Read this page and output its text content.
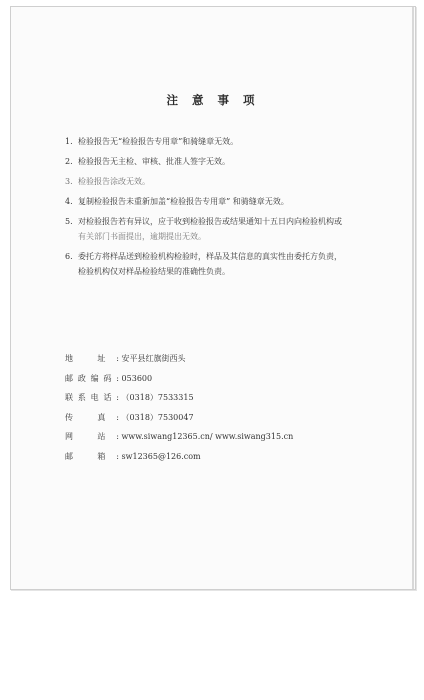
注 意 事 项
1. 检验报告无“检验报告专用章”和骑缝章无效。
2. 检验报告无主检、审核、批准人签字无效。
3. 检验报告涂改无效。
4. 复制检验报告未重新加盖“检验报告专用章” 和骑缝章无效。
5. 对检验报告若有异议，应于收到检验报告或结果通知十五日内向检验机构或
有关部门书面提出，逾期提出无效。
6. 委托方将样品送到检验机构检验时，样品及其信息的真实性由委托方负责，
检验机构仅对样品检验结果的准确性负责。
地 址: 安平县红旗街西头
邮政编码: 053600
联系电话: （0318）7533315
传 真: （0318）7530047
网 站: www.siwang12365.cn/ www.siwang315.cn
邮 箱: sw12365@126.com
